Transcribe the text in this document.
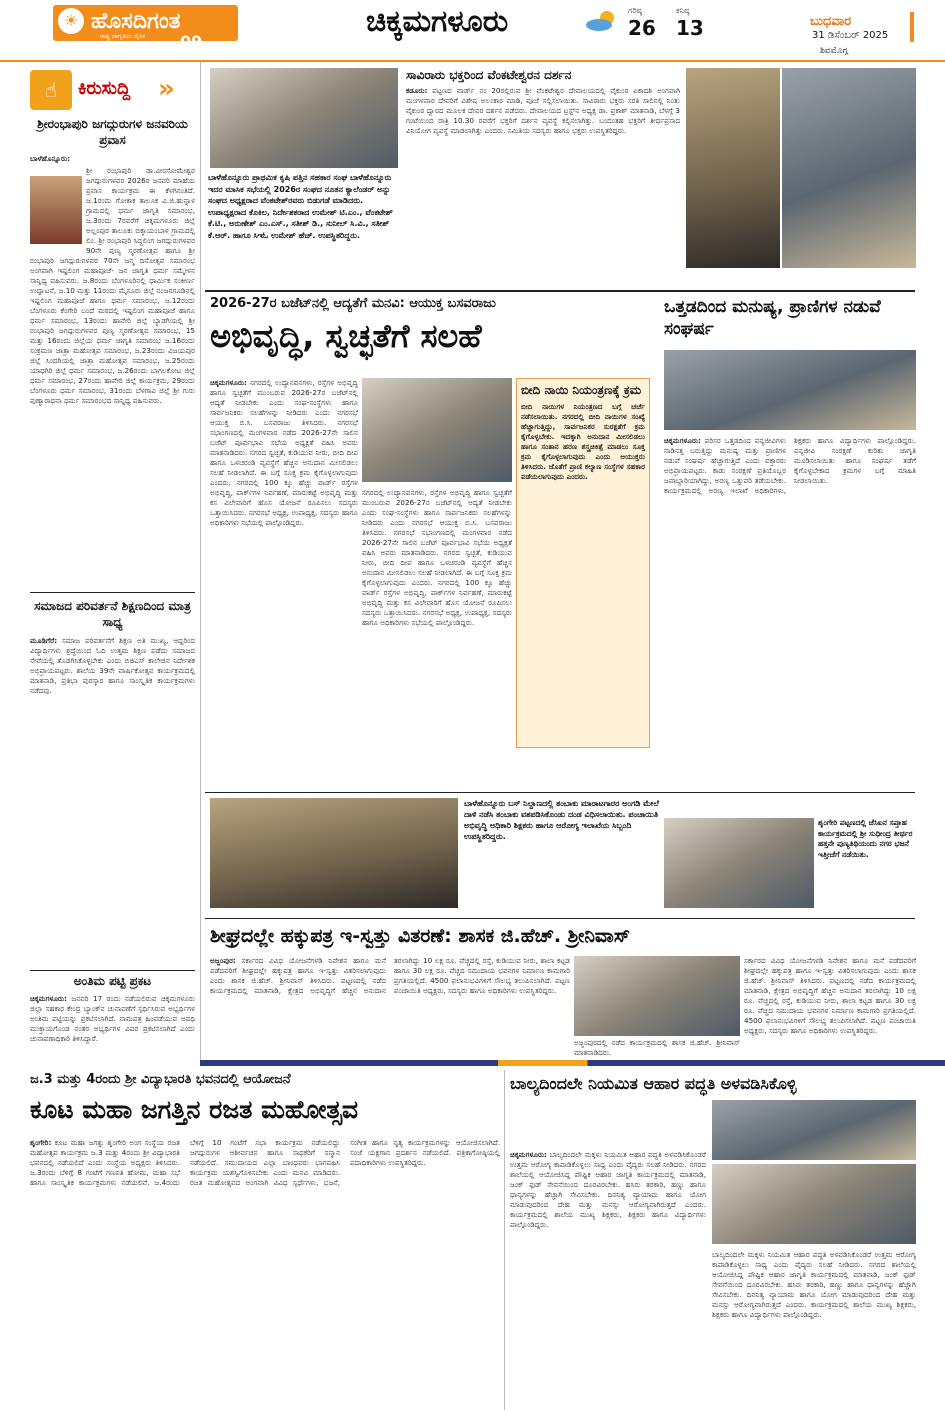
ಹೊಸದಿಗಂತ
☀
ರಾಷ್ಟ್ರ ಜಾಗೃತಿಯ ದೈನಿಕ 09
ಚಿಕ್ಕಮಗಳೂರು	ಗರಿಷ್ಠ
26
ಕನಿಷ್ಠ
13	ಬುಧವಾರ
31 ಡಿಸೆಂಬರ್ 2025
ಶಿವಮೊಗ್ಗ
☝	ಕಿರುಸುದ್ದಿ »
ಶ್ರೀರಂಭಾಪುರಿ ಜಗದ್ಗುರುಗಳ ಜನವರಿಯ ಪ್ರವಾಸ
ಬಾಳೆಹೊನ್ನೂರು:
ಶ್ರೀ ರಂಭಾಪುರಿ ಡಾ.ವೀರಸೋಮೇಶ್ವರ ಜಗದ್ಗುರುಗಳವರ 2026ರ ಜನವರಿ ಮಾಹೆಯ ಪ್ರವಾಸ ಕಾರ್ಯಕ್ರಮ ಈ ಕೆಳಗಿನಂತಿದೆ. ಜ.1ರಂದು ಗೋಕಾಕ ತಾಲೂಕ ವಿ.ಜಿ.ಹುನ್ನಾಳ ಗ್ರಾಮದಲ್ಲಿ ಧರ್ಮ ಜಾಗೃತಿ ಸಮಾರಂಭ, ಜ.3ರಂದು 7ರವರೆಗೆ ಚಿಕ್ಕಮಗಳೂರು ಜಿಲ್ಲೆ ಅಲ್ಲಂಪುರ ತಾಲೂಕು ಬಿಕ್ಕಾಯಂಬಾಳ ಗ್ರಾಮದಲ್ಲಿ ಲಿಂ. ಶ್ರೀ ರಂಭಾಪುರಿ ಸಿದ್ಧಲಿಂಗ ಜಗದ್ಗುರುಗಳವರ 90ನೇ ಪುಣ್ಯ ಸ್ಮರಣೋತ್ಸವ ಹಾಗೂ ಶ್ರೀ ರಂಭಾಪುರಿ ಜಗದ್ಗುರುಗಳವರ 70ನೇ ಜನ್ಮ ದಿನೋತ್ಸವ ಸಮಾರಂಭ ಅಂಗವಾಗಿ ಇಷ್ಟಲಿಂಗ ಮಹಾಪೂಜೆ- ಜನ ಜಾಗೃತಿ ಧರ್ಮ ಸಮ್ಮೇಳನ ಸಾನ್ನಿಧ್ಯ ವಹಿಸುವರು. ಜ.8ರಂದು ಬೆಂಗಳೂರಿನಲ್ಲಿ ಧಾರ್ಮಿಕ ಸಂಕೀರ್ಣ ಉದ್ಘಾಟನೆ, ಜ.10 ಮತ್ತು 11ರಂದು ಮೈಸೂರು ಜಿಲ್ಲೆ ನಂಜನಗೂಡಿನಲ್ಲಿ ಇಷ್ಟಲಿಂಗ ಮಹಾಪೂಜೆ ಹಾಗೂ ಧರ್ಮ ಸಮಾರಂಭ, ಜ.12ರಂದು ಬೆಂಗಳೂರು ಕೆಂಗೇರಿ ಬಂದೆ ಮಠದಲ್ಲಿ ಇಷ್ಟಲಿಂಗ ಮಹಾಪೂಜೆ ಹಾಗೂ ಧರ್ಮ ಸಮಾರಂಭ, 13ರಂದು ಹಾವೇರಿ ಜಿಲ್ಲೆ ಬ್ಯಾಡಗಿಯಲ್ಲಿ ಶ್ರೀ ರಂಭಾಪುರಿ ಜಗದ್ಗುರುಗಳವರ ಪುಣ್ಯ ಸ್ಮರಣೋತ್ಸವ ಸಮಾರಂಭ, 15 ಮತ್ತು 16ರಂದು ಜಿಲ್ಲೆಯ ಧರ್ಮ ಜಾಗೃತಿ ಸಮಾರಂಭ ಜ.16ರಂದು ಸಂಕ್ರಮಣ ಜಾತ್ರಾ ಮಹೋತ್ಸವ ಸಮಾರಂಭ, ಜ.23ರಂದು ವಿಜಯಪುರ ಜಿಲ್ಲೆ ಸಿಂದಗಿಯಲ್ಲಿ ಜಾತ್ರಾ ಮಹೋತ್ಸವ ಸಮಾರಂಭ, ಜ.25ರಂದು ಯಾಧಗಿರಿ ಜಿಲ್ಲೆ ಧರ್ಮ ಸಮಾರಂಭ, ಜ.26ರಂದು ಬಾಗಲಕೋಟ ಜಿಲ್ಲೆ ಧರ್ಮ ಸಮಾರಂಭ, 27ರಂದು ಹಾವೇರಿ ಜಿಲ್ಲೆ ಕಾರ್ಯಕ್ರಮ, 29ರಂದು ಬೆಂಗಳೂರು ಧರ್ಮ ಸಮಾರಂಭ, 31ರಂದು ಬೆಳಗಾವಿ ಜಿಲ್ಲೆ ಶ್ರೀ ಗುರು ಪುಣ್ಯಾರಾಧನಾ ಧರ್ಮ ಸಮಾರಂಭದ ಸಾನ್ನಿಧ್ಯ ವಹಿಸುವರು.
ಸಮಾಜದ ಪರಿವರ್ತನೆ ಶಿಕ್ಷಣದಿಂದ ಮಾತ್ರ ಸಾಧ್ಯ
ಮೂಡಿಗೆರೆ: ಸಮಾಜ ಪರಿವರ್ತನೆಗೆ ಶಿಕ್ಷಣ ಅತಿ ಮುಖ್ಯ, ಆದ್ದರಿಂದ ವಿದ್ಯಾರ್ಥಿಗಳು ಶ್ರದ್ಧೆಯಿಂದ ಓದಿ ಉತ್ತಮ ಶಿಕ್ಷಣ ಪಡೆದು ಸಮಾಜದ ಸೇವೆಯಲ್ಲಿ ತೊಡಗಿಸಿಕೊಳ್ಳಬೇಕು ಎಂದು ಬಿಜಿಎಸ್ ಕಾಲೇಜಿನ ನಿರ್ದೇಶಕ ಅಭಿಪ್ರಾಯಪಟ್ಟರು. ಶಾಲೆಯ 39ನೇ ವಾರ್ಷಿಕೋತ್ಸವ ಕಾರ್ಯಕ್ರಮದಲ್ಲಿ ಮಾತನಾಡಿ, ಪ್ರತಿಭಾ ಪುರಸ್ಕಾರ ಹಾಗೂ ಸಾಂಸ್ಕೃತಿಕ ಕಾರ್ಯಕ್ರಮಗಳು ನಡೆದವು.
ಅಂತಿಮ ಪಟ್ಟಿ ಪ್ರಕಟ
ಚಿಕ್ಕಮಗಳೂರು: ಜನವರಿ 17 ರಂದು ನಡೆಯಲಿರುವ ಚಿಕ್ಕಮಗಳೂರು ಜಿಲ್ಲಾ ಸಹಕಾರ ಕೇಂದ್ರ ಬ್ಯಾಂಕ್‌ನ ಚುನಾವಣೆಗೆ ಸ್ಪರ್ಧಿಸಿರುವ ಅಭ್ಯರ್ಥಿಗಳ ಅಂತಿಮ ಪಟ್ಟಿಯನ್ನು ಪ್ರಕಟಿಸಲಾಗಿದೆ. ನಾಮಪತ್ರ ಹಿಂಪಡೆಯುವ ಅವಧಿ ಮುಕ್ತಾಯಗೊಂಡ ನಂತರ ಅಭ್ಯರ್ಥಿಗಳ ವಿವರ ಪ್ರಕಟಿಸಲಾಗಿದೆ ಎಂದು ಚುನಾವಣಾಧಿಕಾರಿ ತಿಳಿಸಿದ್ದಾರೆ.
ಬಾಳೆಹೊನ್ನೂರು ಪ್ರಾಥಮಿಕ ಕೃಷಿ ಪತ್ತಿನ ಸಹಕಾರ ಸಂಘ ಬಾಳೆಹೊನ್ನೂರು ಇದರ ಮಾಸಿಕ ಸಭೆಯಲ್ಲಿ 2026ರ ಸಂಘದ ನೂತನ ಕ್ಯಾಲೆಂಡರ್ ಅನ್ನು ಸಂಘದ ಅಧ್ಯಕ್ಷರಾದ ವೆಂಕಟೇಶ್‌ರವರು ಬಿಡುಗಡೆ ಮಾಡಿದರು. ಉಪಾಧ್ಯಕ್ಷರಾದ ಕೊಕಿಲ, ನಿರ್ದೇಶಕರಾದ ಉಮೇಶ್ ಟಿ.ಎಂ., ವೆಂಕಟೇಶ್ ಕೆ.ಟಿ., ಅರುಣೇಶ್ ಎಂ.ಎಸ್., ಸತೀಶ್ ಡಿ., ಸುನೀಲ್ ಸಿ.ವಿ., ಸತೀಶ್ ಕೆ.ಆರ್. ಹಾಗೂ ಸಿಇಓ ಉಮೇಶ್ ಹೆಚ್. ಉಪಸ್ಥಿತರಿದ್ದರು.
ಸಾವಿರಾರು ಭಕ್ತರಿಂದ ವೆಂಕಟೇಶ್ವರನ ದರ್ಶನ
ಕಡೂರು: ಪಟ್ಟಣದ ವಾರ್ಡ್ ನಂ 20ರಲ್ಲಿರುವ ಶ್ರೀ ವೆಂಕಟೇಶ್ವರ ದೇವಾಲಯದಲ್ಲಿ ವೈಕುಂಠ ಏಕಾದಶಿ ಅಂಗವಾಗಿ ಮಂಗಳವಾರ ದೇವರಿಗೆ ವಿಶೇಷ ಅಲಂಕಾರ ಮಾಡಿ, ಪೂಜೆ ಸಲ್ಲಿಸಲಾಯಿತು. ಸಾವಿರಾರು ಭಕ್ತರು ಸರತಿ ಸಾಲಿನಲ್ಲಿ ನಿಂತು ವೈಕುಂಠ ದ್ವಾರದ ಮೂಲಕ ದೇವರ ದರ್ಶನ ಪಡೆದರು. ದೇವಾಲಯದ ಟ್ರಸ್ಟ್‌ನ ಅಧ್ಯಕ್ಷ ಡಾ. ಪ್ರಕಾಶ್ ಮಾತನಾಡಿ, ಬೆಳಗ್ಗೆ 3 ಗಂಟೆಯಿಂದ ರಾತ್ರಿ 10.30 ರವರೆಗೆ ಭಕ್ತರಿಗೆ ದರ್ಶನ ವ್ಯವಸ್ಥೆ ಕಲ್ಪಿಸಲಾಗಿತ್ತು. ಬಂದಂತಹ ಭಕ್ತರಿಗೆ ತೀರ್ಥಪ್ರಸಾದ ವಿನಿಯೋಗ ವ್ಯವಸ್ಥೆ ಮಾಡಲಾಗಿತ್ತು ಎಂದರು. ಸಮಿತಿಯ ಸದಸ್ಯರು ಹಾಗೂ ಭಕ್ತರು ಉಪಸ್ಥಿತರಿದ್ದರು.
2026-27ರ ಬಜೆಟ್‌ನಲ್ಲಿ ಆದ್ಯತೆಗೆ ಮನವಿ: ಆಯುಕ್ತ ಬಸವರಾಜು
ಅಭಿವೃದ್ಧಿ, ಸ್ವಚ್ಛತೆಗೆ ಸಲಹೆ
ಚಿಕ್ಕಮಗಳೂರು: ನಗರದಲ್ಲಿ ಉದ್ಯಾನವನಗಳು, ರಸ್ತೆಗಳ ಅಭಿವೃದ್ಧಿ ಹಾಗೂ ಸ್ವಚ್ಛತೆಗೆ ಮುಂಬರುವ 2026-27ರ ಬಜೆಟ್‌ನಲ್ಲಿ ಆದ್ಯತೆ ನೀಡಬೇಕು ಎಂದು ಸಂಘ-ಸಂಸ್ಥೆಗಳು ಹಾಗೂ ಸಾರ್ವಜನಿಕರು ಸಲಹೆಗಳನ್ನು ನೀಡಿದರು ಎಂದು ನಗರಸಭೆ ಆಯುಕ್ತ ಬಿ.ಸಿ. ಬಸವರಾಜು ತಿಳಿಸಿದರು. ನಗರಸಭೆ ಸಭಾಂಗಣದಲ್ಲಿ ಮಂಗಳವಾರ ನಡೆದ 2026-27ನೇ ಸಾಲಿನ ಬಜೆಟ್ ಪೂರ್ವಭಾವಿ ಸಭೆಯ ಅಧ್ಯಕ್ಷತೆ ವಹಿಸಿ ಅವರು ಮಾತನಾಡಿದರು. ನಗರದ ಸ್ವಚ್ಛತೆ, ಕುಡಿಯುವ ನೀರು, ಬೀದಿ ದೀಪ ಹಾಗೂ ಒಳಚರಂಡಿ ವ್ಯವಸ್ಥೆಗೆ ಹೆಚ್ಚಿನ ಅನುದಾನ ಮೀಸಲಿಡಲು ಸಲಹೆ ನೀಡಲಾಗಿದೆ. ಈ ಬಗ್ಗೆ ಸೂಕ್ತ ಕ್ರಮ ಕೈಗೊಳ್ಳಲಾಗುವುದು ಎಂದರು. ನಗರದಲ್ಲಿ 100 ಕ್ಕೂ ಹೆಚ್ಚು ವಾರ್ಡ್ ರಸ್ತೆಗಳ ಅಭಿವೃದ್ಧಿ, ಪಾರ್ಕ್‌ಗಳ ನಿರ್ವಹಣೆ, ಮಾರುಕಟ್ಟೆ ಅಭಿವೃದ್ಧಿ ಮತ್ತು ಕಸ ವಿಲೇವಾರಿಗೆ ಹೊಸ ಯೋಜನೆ ರೂಪಿಸಲು ಸದಸ್ಯರು ಒತ್ತಾಯಿಸಿದರು. ನಗರಸಭೆ ಅಧ್ಯಕ್ಷ, ಉಪಾಧ್ಯಕ್ಷ, ಸದಸ್ಯರು ಹಾಗೂ ಅಧಿಕಾರಿಗಳು ಸಭೆಯಲ್ಲಿ ಪಾಲ್ಗೊಂಡಿದ್ದರು.
ನಗರದಲ್ಲಿ ಉದ್ಯಾನವನಗಳು, ರಸ್ತೆಗಳ ಅಭಿವೃದ್ಧಿ ಹಾಗೂ ಸ್ವಚ್ಛತೆಗೆ ಮುಂಬರುವ 2026-27ರ ಬಜೆಟ್‌ನಲ್ಲಿ ಆದ್ಯತೆ ನೀಡಬೇಕು ಎಂದು ಸಂಘ-ಸಂಸ್ಥೆಗಳು ಹಾಗೂ ಸಾರ್ವಜನಿಕರು ಸಲಹೆಗಳನ್ನು ನೀಡಿದರು ಎಂದು ನಗರಸಭೆ ಆಯುಕ್ತ ಬಿ.ಸಿ. ಬಸವರಾಜು ತಿಳಿಸಿದರು. ನಗರಸಭೆ ಸಭಾಂಗಣದಲ್ಲಿ ಮಂಗಳವಾರ ನಡೆದ 2026-27ನೇ ಸಾಲಿನ ಬಜೆಟ್ ಪೂರ್ವಭಾವಿ ಸಭೆಯ ಅಧ್ಯಕ್ಷತೆ ವಹಿಸಿ ಅವರು ಮಾತನಾಡಿದರು. ನಗರದ ಸ್ವಚ್ಛತೆ, ಕುಡಿಯುವ ನೀರು, ಬೀದಿ ದೀಪ ಹಾಗೂ ಒಳಚರಂಡಿ ವ್ಯವಸ್ಥೆಗೆ ಹೆಚ್ಚಿನ ಅನುದಾನ ಮೀಸಲಿಡಲು ಸಲಹೆ ನೀಡಲಾಗಿದೆ. ಈ ಬಗ್ಗೆ ಸೂಕ್ತ ಕ್ರಮ ಕೈಗೊಳ್ಳಲಾಗುವುದು ಎಂದರು. ನಗರದಲ್ಲಿ 100 ಕ್ಕೂ ಹೆಚ್ಚು ವಾರ್ಡ್ ರಸ್ತೆಗಳ ಅಭಿವೃದ್ಧಿ, ಪಾರ್ಕ್‌ಗಳ ನಿರ್ವಹಣೆ, ಮಾರುಕಟ್ಟೆ ಅಭಿವೃದ್ಧಿ ಮತ್ತು ಕಸ ವಿಲೇವಾರಿಗೆ ಹೊಸ ಯೋಜನೆ ರೂಪಿಸಲು ಸದಸ್ಯರು ಒತ್ತಾಯಿಸಿದರು. ನಗರಸಭೆ ಅಧ್ಯಕ್ಷ, ಉಪಾಧ್ಯಕ್ಷ, ಸದಸ್ಯರು ಹಾಗೂ ಅಧಿಕಾರಿಗಳು ಸಭೆಯಲ್ಲಿ ಪಾಲ್ಗೊಂಡಿದ್ದರು.
ಬೀದಿ ನಾಯಿ ನಿಯಂತ್ರಣಕ್ಕೆ ಕ್ರಮ
ಬೀದಿ ನಾಯಿಗಳ ನಿಯಂತ್ರಣದ ಬಗ್ಗೆ ಚರ್ಚೆ ನಡೆಸಲಾಯಿತು. ನಗರದಲ್ಲಿ ಬೀದಿ ನಾಯಿಗಳ ಸಂಖ್ಯೆ ಹೆಚ್ಚಾಗುತ್ತಿದ್ದು, ಸಾರ್ವಜನಿಕರ ಸುರಕ್ಷತೆಗೆ ಕ್ರಮ ಕೈಗೊಳ್ಳಬೇಕು. ಇದಕ್ಕಾಗಿ ಅನುದಾನ ಮೀಸಲಿಡಲು ಹಾಗೂ ಸಂತಾನ ಹರಣ ಶಸ್ತ್ರಚಿಕಿತ್ಸೆ ಮಾಡಲು ಸೂಕ್ತ ಕ್ರಮ ಕೈಗೊಳ್ಳಲಾಗುವುದು ಎಂದು ಆಯುಕ್ತರು ತಿಳಿಸಿದರು. ಜೊತೆಗೆ ಪ್ರಾಣಿ ಕಲ್ಯಾಣ ಸಂಸ್ಥೆಗಳ ಸಹಕಾರ ಪಡೆಯಲಾಗುವುದು ಎಂದರು.
ಒತ್ತಡದಿಂದ ಮನುಷ್ಯ, ಪ್ರಾಣಿಗಳ ನಡುವೆ ಸಂಘರ್ಷ
ಚಿಕ್ಕಮಗಳೂರು: ಪರಿಸರ ಒತ್ತಡದಿಂದ ವನ್ಯಜೀವಿಗಳು ನಾಡಿನತ್ತ ಬರುತ್ತಿದ್ದು ಮನುಷ್ಯ ಮತ್ತು ಪ್ರಾಣಿಗಳ ನಡುವೆ ಸಂಘರ್ಷ ಹೆಚ್ಚಾಗುತ್ತಿದೆ ಎಂದು ವಕ್ತಾರರು ಅಭಿಪ್ರಾಯಪಟ್ಟರು. ಕಾಡು ಸಂರಕ್ಷಣೆ ಪ್ರತಿಯೊಬ್ಬರ ಜವಾಬ್ದಾರಿಯಾಗಿದ್ದು, ಅರಣ್ಯ ಒತ್ತುವರಿ ತಡೆಯಬೇಕು. ಕಾರ್ಯಕ್ರಮದಲ್ಲಿ ಅರಣ್ಯ ಇಲಾಖೆ ಅಧಿಕಾರಿಗಳು, ಶಿಕ್ಷಕರು ಹಾಗೂ ವಿದ್ಯಾರ್ಥಿಗಳು ಪಾಲ್ಗೊಂಡಿದ್ದರು. ವನ್ಯಜೀವಿ ಸಂರಕ್ಷಣೆ ಕುರಿತು ಜಾಗೃತಿ ಮೂಡಿಸಲಾಯಿತು ಹಾಗೂ ಸಂಘರ್ಷ ತಡೆಗೆ ಕೈಗೊಳ್ಳಬೇಕಾದ ಕ್ರಮಗಳ ಬಗ್ಗೆ ಮಾಹಿತಿ ನೀಡಲಾಯಿತು.
ಬಾಳೆಹೊನ್ನೂರು ಬಸ್ ನಿಲ್ದಾಣದಲ್ಲಿ ತಂಬಾಕು ಮಾರಾಟಗಾರರ ಅಂಗಡಿ ಮೇಲೆ ದಾಳಿ ನಡೆಸಿ ತಂಬಾಕು ವಶಪಡಿಸಿಕೊಂಡು ದಂಡ ವಿಧಿಸಲಾಯಿತು. ಪಂಚಾಯಿತಿ ಅಭಿವೃದ್ಧಿ ಅಧಿಕಾರಿ ಶಿಕ್ಷಕರು ಹಾಗೂ ಆರೋಗ್ಯ ಇಲಾಖೆಯ ಸಿಬ್ಬಂದಿ ಉಪಸ್ಥಿತರಿದ್ದರು.
ಶೃಂಗೇರಿ ಪಟ್ಟಣದಲ್ಲಿ ಜೆಸಿಐನ ಸಪ್ತಾಹ ಕಾರ್ಯಕ್ರಮದಲ್ಲಿ ಶ್ರೀ ಸುಧೀಂದ್ರ ತೀರ್ಥರ ಹತ್ತನೇ ಪುಣ್ಯತಿಥಿಯಂದು ನಗರ ಭಜನೆ ಇತ್ತೀಚೆಗೆ ನಡೆಯಿತು.
ಶೀಘ್ರದಲ್ಲೇ ಹಕ್ಕುಪತ್ರ ಇ-ಸ್ವತ್ತು ವಿತರಣೆ: ಶಾಸಕ ಜಿ.ಹೆಚ್. ಶ್ರೀನಿವಾಸ್
ಅಜ್ಜಂಪುರ: ಸರ್ಕಾರದ ವಿವಿಧ ಯೋಜನೆಗಳಡಿ ನಿವೇಶನ ಹಾಗೂ ಮನೆ ಪಡೆದವರಿಗೆ ಶೀಘ್ರದಲ್ಲೇ ಹಕ್ಕುಪತ್ರ ಹಾಗೂ ಇ-ಸ್ವತ್ತು ವಿತರಿಸಲಾಗುವುದು ಎಂದು ಶಾಸಕ ಜಿ.ಹೆಚ್. ಶ್ರೀನಿವಾಸ್ ತಿಳಿಸಿದರು. ಪಟ್ಟಣದಲ್ಲಿ ನಡೆದ ಕಾರ್ಯಕ್ರಮದಲ್ಲಿ ಮಾತನಾಡಿ, ಕ್ಷೇತ್ರದ ಅಭಿವೃದ್ಧಿಗೆ ಹೆಚ್ಚಿನ ಅನುದಾನ ತರಲಾಗಿದ್ದು 10 ಲಕ್ಷ ರೂ. ವೆಚ್ಚದಲ್ಲಿ ರಸ್ತೆ, ಕುಡಿಯುವ ನೀರು, ಶಾಲಾ ಕಟ್ಟಡ ಹಾಗೂ 30 ಲಕ್ಷ ರೂ. ವೆಚ್ಚದ ಸಮುದಾಯ ಭವನಗಳ ನಿರ್ಮಾಣ ಕಾಮಗಾರಿ ಪ್ರಗತಿಯಲ್ಲಿದೆ. 4500 ಫಲಾನುಭವಿಗಳಿಗೆ ಸೌಲಭ್ಯ ತಲುಪಿಸಲಾಗಿದೆ. ಪಟ್ಟಣ ಪಂಚಾಯಿತಿ ಅಧ್ಯಕ್ಷರು, ಸದಸ್ಯರು ಹಾಗೂ ಅಧಿಕಾರಿಗಳು ಉಪಸ್ಥಿತರಿದ್ದರು.
ಅಜ್ಜಂಪುರದಲ್ಲಿ ನಡೆದ ಕಾರ್ಯಕ್ರಮದಲ್ಲಿ ಶಾಸಕ ಜಿ.ಹೆಚ್. ಶ್ರೀನಿವಾಸ್ ಮಾತನಾಡಿದರು.
ಸರ್ಕಾರದ ವಿವಿಧ ಯೋಜನೆಗಳಡಿ ನಿವೇಶನ ಹಾಗೂ ಮನೆ ಪಡೆದವರಿಗೆ ಶೀಘ್ರದಲ್ಲೇ ಹಕ್ಕುಪತ್ರ ಹಾಗೂ ಇ-ಸ್ವತ್ತು ವಿತರಿಸಲಾಗುವುದು ಎಂದು ಶಾಸಕ ಜಿ.ಹೆಚ್. ಶ್ರೀನಿವಾಸ್ ತಿಳಿಸಿದರು. ಪಟ್ಟಣದಲ್ಲಿ ನಡೆದ ಕಾರ್ಯಕ್ರಮದಲ್ಲಿ ಮಾತನಾಡಿ, ಕ್ಷೇತ್ರದ ಅಭಿವೃದ್ಧಿಗೆ ಹೆಚ್ಚಿನ ಅನುದಾನ ತರಲಾಗಿದ್ದು 10 ಲಕ್ಷ ರೂ. ವೆಚ್ಚದಲ್ಲಿ ರಸ್ತೆ, ಕುಡಿಯುವ ನೀರು, ಶಾಲಾ ಕಟ್ಟಡ ಹಾಗೂ 30 ಲಕ್ಷ ರೂ. ವೆಚ್ಚದ ಸಮುದಾಯ ಭವನಗಳ ನಿರ್ಮಾಣ ಕಾಮಗಾರಿ ಪ್ರಗತಿಯಲ್ಲಿದೆ. 4500 ಫಲಾನುಭವಿಗಳಿಗೆ ಸೌಲಭ್ಯ ತಲುಪಿಸಲಾಗಿದೆ. ಪಟ್ಟಣ ಪಂಚಾಯಿತಿ ಅಧ್ಯಕ್ಷರು, ಸದಸ್ಯರು ಹಾಗೂ ಅಧಿಕಾರಿಗಳು ಉಪಸ್ಥಿತರಿದ್ದರು.
ಜ.3 ಮತ್ತು 4ರಂದು ಶ್ರೀ ವಿದ್ಯಾಭಾರತಿ ಭವನದಲ್ಲಿ ಆಯೋಜನೆ
ಕೂಟ ಮಹಾ ಜಗತ್ತಿನ ರಜತ ಮಹೋತ್ಸವ
ಶೃಂಗೇರಿ: ಕೂಟ ಮಹಾ ಜಗತ್ತು ಶೃಂಗೇರಿ ಅಂಗ ಸಂಸ್ಥೆಯ ರಜತ ಮಹೋತ್ಸವ ಕಾರ್ಯಕ್ರಮ ಜ.3 ಮತ್ತು 4ರಂದು ಶ್ರೀ ವಿದ್ಯಾಭಾರತಿ ಭವನದಲ್ಲಿ ನಡೆಯಲಿದೆ ಎಂದು ಸಂಸ್ಥೆಯ ಅಧ್ಯಕ್ಷರು ತಿಳಿಸಿದರು. ಜ.3ರಂದು ಬೆಳಿಗ್ಗೆ 8 ಗಂಟೆಗೆ ಗಣಪತಿ ಹೋಮ, ಮಹಾ ಸಭೆ ಹಾಗೂ ಸಾಂಸ್ಕೃತಿಕ ಕಾರ್ಯಕ್ರಮಗಳು ನಡೆಯಲಿವೆ. ಜ.4ರಂದು ಬೆಳಿಗ್ಗೆ 10 ಗಂಟೆಗೆ ಸಭಾ ಕಾರ್ಯಕ್ರಮ ನಡೆಯಲಿದ್ದು ಜಗದ್ಗುರುಗಳ ಆಶೀರ್ವಚನ ಹಾಗೂ ಸಾಧಕರಿಗೆ ಸನ್ಮಾನ ನಡೆಯಲಿದೆ. ಸಮುದಾಯದ ಎಲ್ಲಾ ಬಾಂಧವರು ಭಾಗವಹಿಸಿ ಕಾರ್ಯಕ್ರಮ ಯಶಸ್ವಿಗೊಳಿಸಬೇಕು ಎಂದು ಮನವಿ ಮಾಡಿದರು. ರಜತ ಮಹೋತ್ಸವದ ಅಂಗವಾಗಿ ವಿವಿಧ ಸ್ಪರ್ಧೆಗಳು, ಭಜನೆ, ಸಂಗೀತ ಹಾಗೂ ನೃತ್ಯ ಕಾರ್ಯಕ್ರಮಗಳನ್ನು ಆಯೋಜಿಸಲಾಗಿದೆ. ಸಂಜೆ ಯಕ್ಷಗಾನ ಪ್ರದರ್ಶನ ನಡೆಯಲಿದೆ. ಪತ್ರಿಕಾಗೋಷ್ಠಿಯಲ್ಲಿ ಪದಾಧಿಕಾರಿಗಳು ಉಪಸ್ಥಿತರಿದ್ದರು.
ಬಾಲ್ಯದಿಂದಲೇ ನಿಯಮಿತ ಆಹಾರ ಪದ್ಧತಿ ಅಳವಡಿಸಿಕೊಳ್ಳಿ
ಚಿಕ್ಕಮಗಳೂರು: ಬಾಲ್ಯದಿಂದಲೇ ಮಕ್ಕಳು ನಿಯಮಿತ ಆಹಾರ ಪದ್ಧತಿ ಅಳವಡಿಸಿಕೊಂಡರೆ ಉತ್ತಮ ಆರೋಗ್ಯ ಕಾಪಾಡಿಕೊಳ್ಳಲು ಸಾಧ್ಯ ಎಂದು ವೈದ್ಯರು ಸಲಹೆ ನೀಡಿದರು. ನಗರದ ಶಾಲೆಯಲ್ಲಿ ಆಯೋಜಿಸಿದ್ದ ಪೌಷ್ಟಿಕ ಆಹಾರ ಜಾಗೃತಿ ಕಾರ್ಯಕ್ರಮದಲ್ಲಿ ಮಾತನಾಡಿ, ಜಂಕ್ ಫುಡ್ ಸೇವನೆಯಿಂದ ದೂರವಿರಬೇಕು. ಹಸಿರು ತರಕಾರಿ, ಹಣ್ಣು ಹಾಗೂ ಧಾನ್ಯಗಳನ್ನು ಹೆಚ್ಚಾಗಿ ಸೇವಿಸಬೇಕು. ದಿನನಿತ್ಯ ವ್ಯಾಯಾಮ ಹಾಗೂ ಯೋಗ ಮಾಡುವುದರಿಂದ ದೇಹ ಮತ್ತು ಮನಸ್ಸು ಆರೋಗ್ಯವಾಗಿರುತ್ತದೆ ಎಂದರು. ಕಾರ್ಯಕ್ರಮದಲ್ಲಿ ಶಾಲೆಯ ಮುಖ್ಯ ಶಿಕ್ಷಕರು, ಶಿಕ್ಷಕರು ಹಾಗೂ ವಿದ್ಯಾರ್ಥಿಗಳು ಪಾಲ್ಗೊಂಡಿದ್ದರು.
ಬಾಲ್ಯದಿಂದಲೇ ಮಕ್ಕಳು ನಿಯಮಿತ ಆಹಾರ ಪದ್ಧತಿ ಅಳವಡಿಸಿಕೊಂಡರೆ ಉತ್ತಮ ಆರೋಗ್ಯ ಕಾಪಾಡಿಕೊಳ್ಳಲು ಸಾಧ್ಯ ಎಂದು ವೈದ್ಯರು ಸಲಹೆ ನೀಡಿದರು. ನಗರದ ಶಾಲೆಯಲ್ಲಿ ಆಯೋಜಿಸಿದ್ದ ಪೌಷ್ಟಿಕ ಆಹಾರ ಜಾಗೃತಿ ಕಾರ್ಯಕ್ರಮದಲ್ಲಿ ಮಾತನಾಡಿ, ಜಂಕ್ ಫುಡ್ ಸೇವನೆಯಿಂದ ದೂರವಿರಬೇಕು. ಹಸಿರು ತರಕಾರಿ, ಹಣ್ಣು ಹಾಗೂ ಧಾನ್ಯಗಳನ್ನು ಹೆಚ್ಚಾಗಿ ಸೇವಿಸಬೇಕು. ದಿನನಿತ್ಯ ವ್ಯಾಯಾಮ ಹಾಗೂ ಯೋಗ ಮಾಡುವುದರಿಂದ ದೇಹ ಮತ್ತು ಮನಸ್ಸು ಆರೋಗ್ಯವಾಗಿರುತ್ತದೆ ಎಂದರು. ಕಾರ್ಯಕ್ರಮದಲ್ಲಿ ಶಾಲೆಯ ಮುಖ್ಯ ಶಿಕ್ಷಕರು, ಶಿಕ್ಷಕರು ಹಾಗೂ ವಿದ್ಯಾರ್ಥಿಗಳು ಪಾಲ್ಗೊಂಡಿದ್ದರು.
